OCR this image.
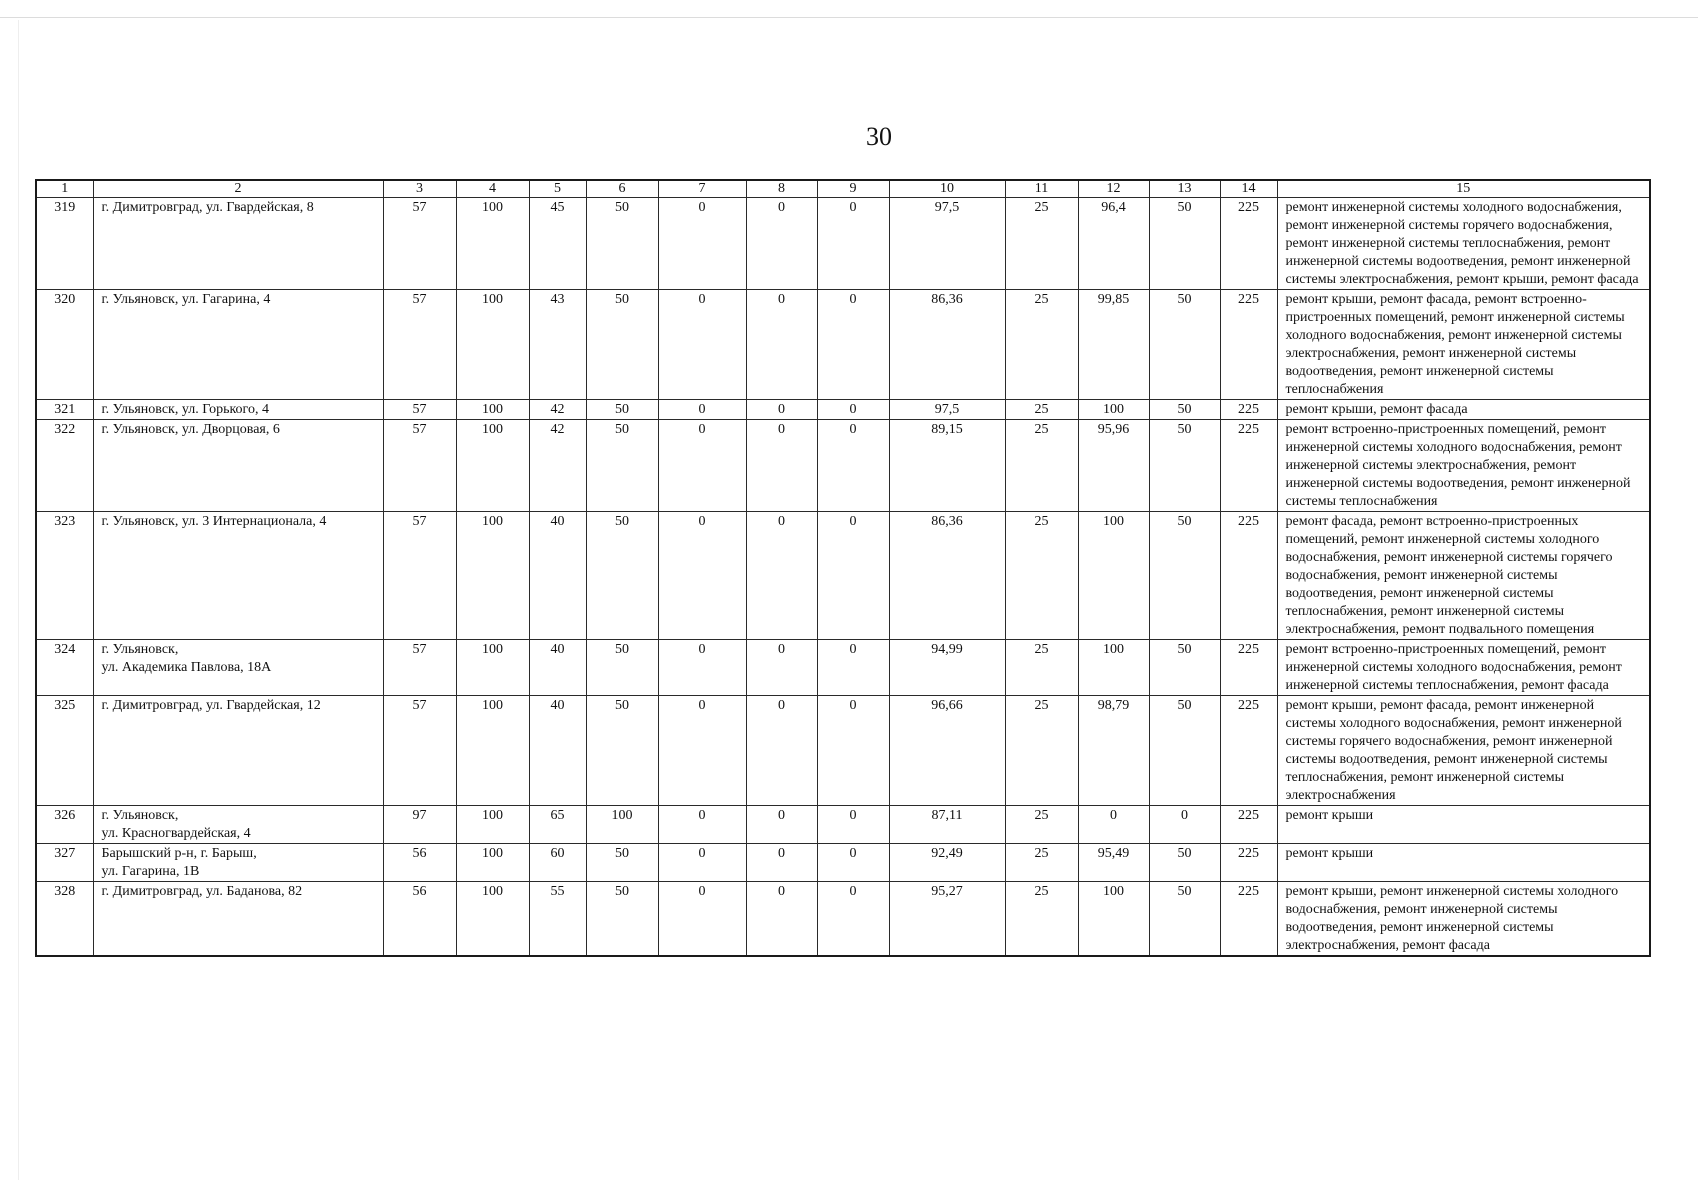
30
1	2	3	4	5	6	7	8	9	10	11	12	13	14	15
319	г. Димитровград, ул. Гвардейская, 8	57	100	45	50	0	0	0	97,5	25	96,4	50	225	ремонт инженерной системы холодного водоснабжения, ремонт инженерной системы горячего водоснабжения, ремонт инженерной системы теплоснабжения, ремонт инженерной системы водоотведения, ремонт инженерной системы электроснабжения, ремонт крыши, ремонт фасада
320	г. Ульяновск, ул. Гагарина, 4	57	100	43	50	0	0	0	86,36	25	99,85	50	225	ремонт крыши, ремонт фасада, ремонт встроенно-пристроенных помещений, ремонт инженерной системы холодного водоснабжения, ремонт инженерной системы электроснабжения, ремонт инженерной системы водоотведения, ремонт инженерной системы теплоснабжения
321	г. Ульяновск, ул. Горького, 4	57	100	42	50	0	0	0	97,5	25	100	50	225	ремонт крыши, ремонт фасада
322	г. Ульяновск, ул. Дворцовая, 6	57	100	42	50	0	0	0	89,15	25	95,96	50	225	ремонт встроенно-пристроенных помещений, ремонт инженерной системы холодного водоснабжения, ремонт инженерной системы электроснабжения, ремонт инженерной системы водоотведения, ремонт инженерной системы теплоснабжения
323	г. Ульяновск, ул. 3 Интернационала, 4	57	100	40	50	0	0	0	86,36	25	100	50	225	ремонт фасада, ремонт встроенно-пристроенных помещений, ремонт инженерной системы холодного водоснабжения, ремонт инженерной системы горячего водоснабжения, ремонт инженерной системы водоотведения, ремонт инженерной системы теплоснабжения, ремонт инженерной системы электроснабжения, ремонт подвального помещения
324	г. Ульяновск,
ул. Академика Павлова, 18А	57	100	40	50	0	0	0	94,99	25	100	50	225	ремонт встроенно-пристроенных помещений, ремонт инженерной системы холодного водоснабжения, ремонт инженерной системы теплоснабжения, ремонт фасада
325	г. Димитровград, ул. Гвардейская, 12	57	100	40	50	0	0	0	96,66	25	98,79	50	225	ремонт крыши, ремонт фасада, ремонт инженерной системы холодного водоснабжения, ремонт инженерной системы горячего водоснабжения, ремонт инженерной системы водоотведения, ремонт инженерной системы теплоснабжения, ремонт инженерной системы электроснабжения
326	г. Ульяновск,
ул. Красногвардейская, 4	97	100	65	100	0	0	0	87,11	25	0	0	225	ремонт крыши
327	Барышский р-н, г. Барыш,
ул. Гагарина, 1В	56	100	60	50	0	0	0	92,49	25	95,49	50	225	ремонт крыши
328	г. Димитровград, ул. Баданова, 82	56	100	55	50	0	0	0	95,27	25	100	50	225	ремонт крыши, ремонт инженерной системы холодного водоснабжения, ремонт инженерной системы водоотведения, ремонт инженерной системы электроснабжения, ремонт фасада
